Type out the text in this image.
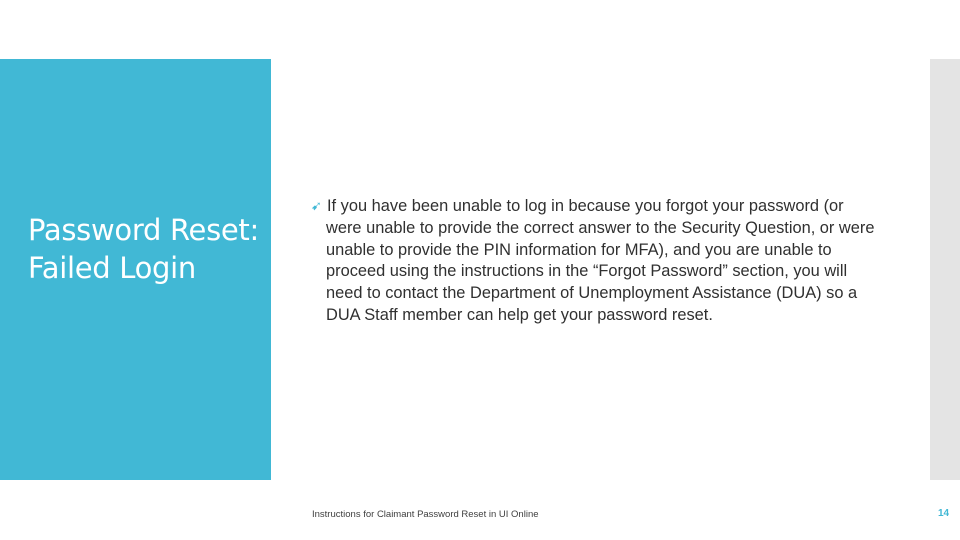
Password Reset: Failed Login
➹ If you have been unable to log in because you forgot your password (or were unable to provide the correct answer to the Security Question, or were unable to provide the PIN information for MFA), and you are unable to proceed using the instructions in the “Forgot Password” section, you will need to contact the Department of Unemployment Assistance (DUA) so a DUA Staff member can help get your password reset.
Instructions for Claimant Password Reset in UI Online	14
